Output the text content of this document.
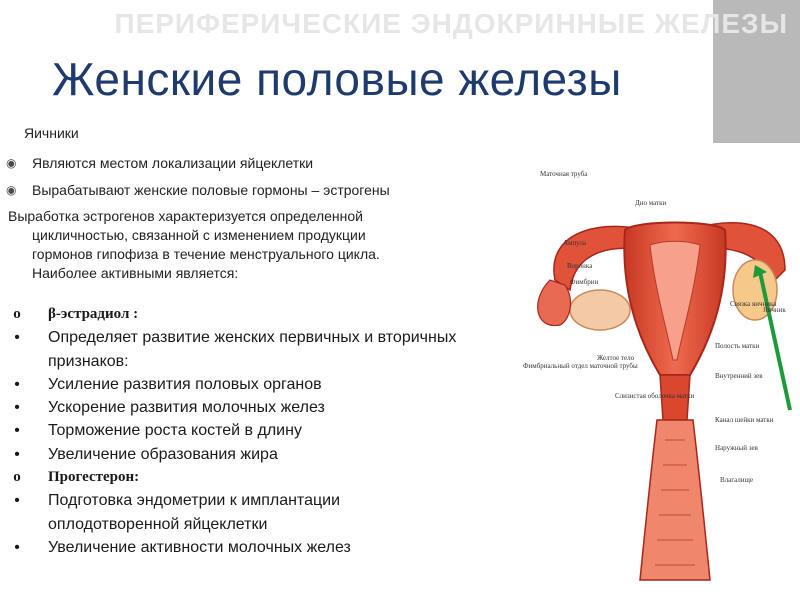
ПЕРИФЕРИЧЕСКИЕ ЭНДОКРИННЫЕ ЖЕЛЕЗЫ
Женские половые железы
Яичники
◉ Являются местом локализации яйцеклетки
◉ Вырабатывают женские половые гормоны – эстрогены
Выработка эстрогенов характеризуется определенной
цикличностью, связанной с изменением продукции
гормонов гипофиза в течение менструального цикла.
Наиболее активными является:
o β-эстрадиол :
• Определяет развитие женских первичных и вторичных признаков:
• Усиление развития половых органов
• Ускорение развития молочных желез
• Торможение роста костей в длину
• Увеличение образования жира
o Прогестерон:
• Подготовка эндометрии к имплантации оплодотворенной яйцеклетки
• Увеличение активности молочных желез
Маточная труба
Дно матки
Ампула
Воронка
Фимбрии
Связка яичника
Яичник
Полость матки
Внутренний зев
Фимбриальный отдел маточной трубы
Желтое тело
Слизистая оболочка матки
Канал шейки матки
Наружный зев
Влагалище
